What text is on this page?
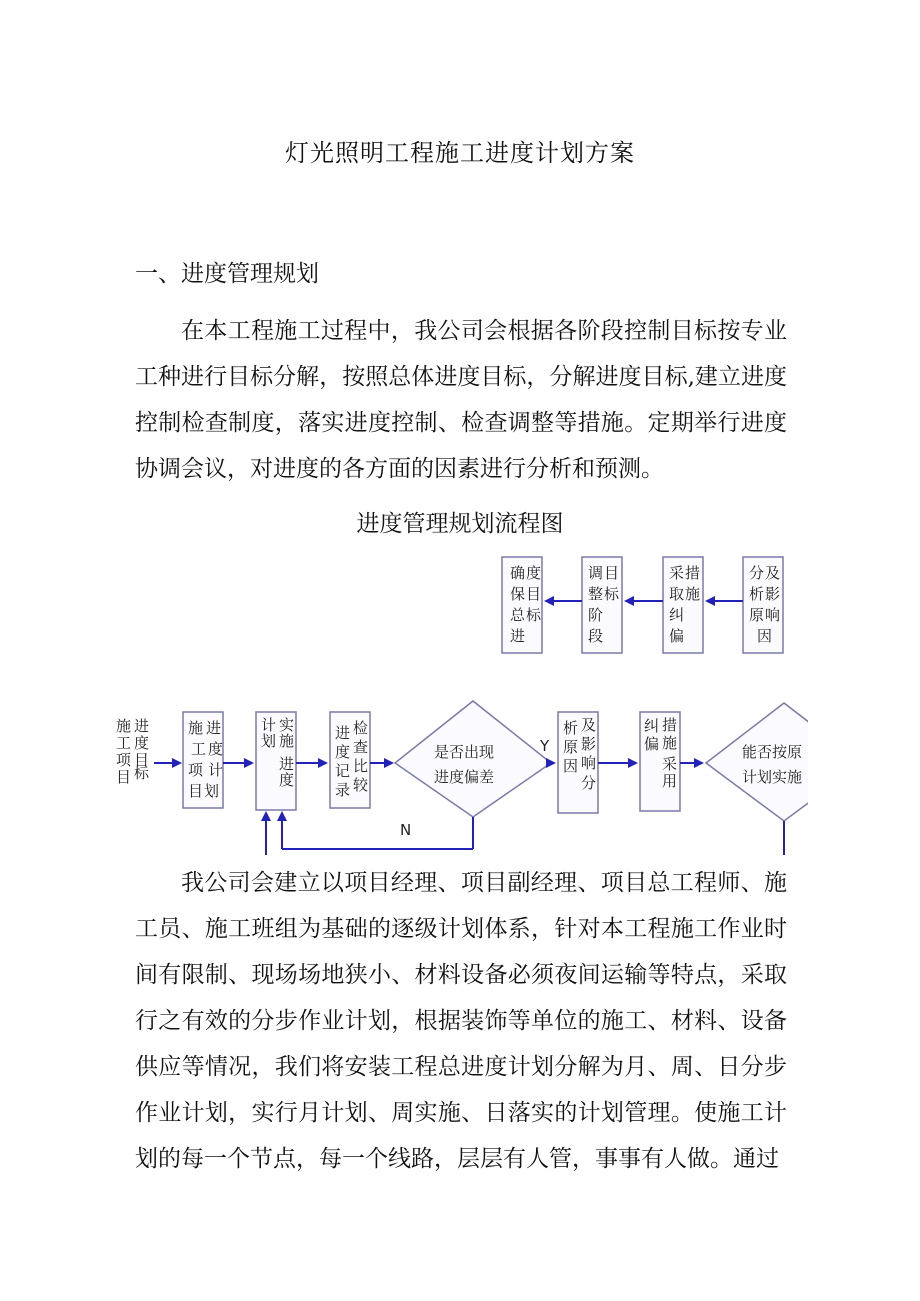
灯光照明工程施工进度计划方案
一、进度管理规划

在本工程施工过程中，我公司会根据各阶段控制目标按专业工种进行目标分解，按照总体进度目标，分解进度目标,建立进度控制检查制度，落实进度控制、检查调整等措施。定期举行进度协调会议，对进度的各方面的因素进行分析和预测。

进度管理规划流程图
确 度
保 目
总 标
进
调 目
整 标
阶
段
采 措
取 施
纠
偏
分 及
析 影
原 响
因
施 进
工 度
项 目
目 标
施 进
工 度
项 计
目 划
计 实
划 施
进
度
进 检
度 查
记 比
录 较
是否出现
进度偏差
Y
N
析 及
原 影
因 响
分
纠 措
偏 施
采
用
能否按原
计划实施

我公司会建立以项目经理、项目副经理、项目总工程师、施工员、施工班组为基础的逐级计划体系，针对本工程施工作业时间有限制、现场场地狭小、材料设备必须夜间运输等特点，采取行之有效的分步作业计划，根据装饰等单位的施工、材料、设备供应等情况，我们将安装工程总进度计划分解为月、周、日分步作业计划，实行月计划、周实施、日落实的计划管理。使施工计划的每一个节点，每一个线路，层层有人管，事事有人做。通过
